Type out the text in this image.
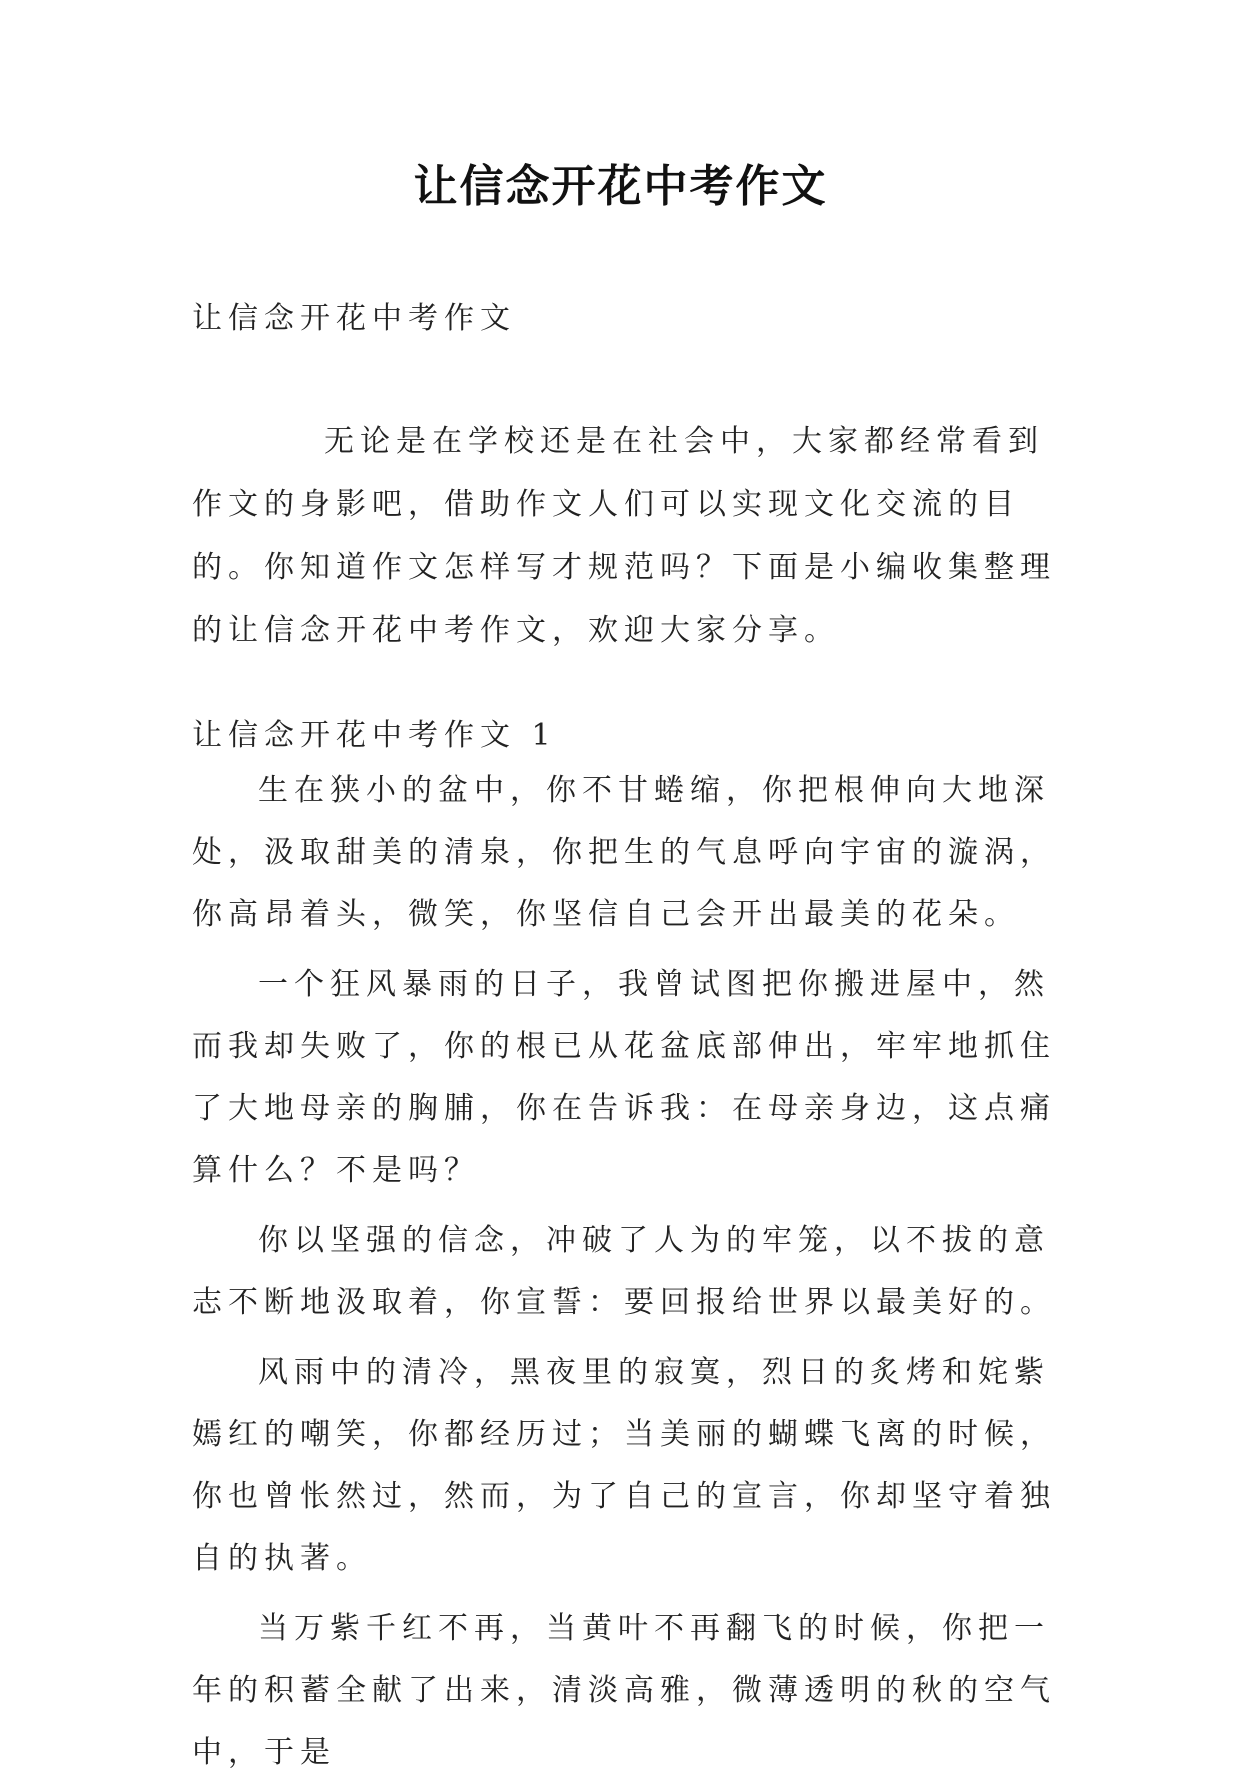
让信念开花中考作文
让信念开花中考作文

无论是在学校还是在社会中，大家都经常看到作文的身影吧，借助作文人们可以实现文化交流的目的。你知道作文怎样写才规范吗？下面是小编收集整理的让信念开花中考作文，欢迎大家分享。

让信念开花中考作文 1

生在狭小的盆中，你不甘蜷缩，你把根伸向大地深处，汲取甜美的清泉，你把生的气息呼向宇宙的漩涡，你高昂着头，微笑，你坚信自己会开出最美的花朵。

一个狂风暴雨的日子，我曾试图把你搬进屋中，然而我却失败了，你的根已从花盆底部伸出，牢牢地抓住了大地母亲的胸脯，你在告诉我：在母亲身边，这点痛算什么？不是吗？

你以坚强的信念，冲破了人为的牢笼，以不拔的意志不断地汲取着，你宣誓：要回报给世界以最美好的。

风雨中的清冷，黑夜里的寂寞，烈日的炙烤和姹紫嫣红的嘲笑，你都经历过；当美丽的蝴蝶飞离的时候，你也曾怅然过，然而，为了自己的宣言，你却坚守着独自的执著。

当万紫千红不再，当黄叶不再翻飞的时候，你把一年的积蓄全献了出来，清淡高雅，微薄透明的秋的空气中，于是
